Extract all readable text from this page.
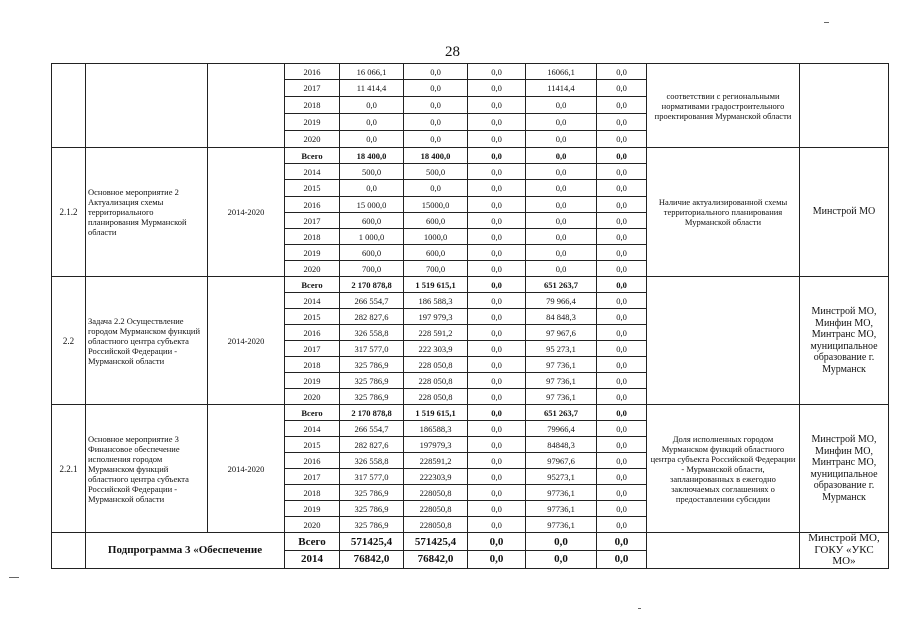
28
			2016	16 066,1	0,0	0,0	16066,1	0,0	соответствии с региональными нормативами градостроительного проектирования Мурманской области	
			2017	11 414,4	0,0	0,0	11414,4	0,0		
			2018	0,0	0,0	0,0	0,0	0,0		
			2019	0,0	0,0	0,0	0,0	0,0		
			2020	0,0	0,0	0,0	0,0	0,0		
2.1.2	Основное мероприятие 2 Актуализация схемы территориального планирования Мурманской области	2014-2020	Всего	18 400,0	18 400,0	0,0	0,0	0,0	Наличие актуализированной схемы территориального планирования Мурманской области	Минстрой МО
			2014	500,0	500,0	0,0	0,0	0,0		
			2015	0,0	0,0	0,0	0,0	0,0		
			2016	15 000,0	15000,0	0,0	0,0	0,0		
			2017	600,0	600,0	0,0	0,0	0,0		
			2018	1 000,0	1000,0	0,0	0,0	0,0		
			2019	600,0	600,0	0,0	0,0	0,0		
			2020	700,0	700,0	0,0	0,0	0,0		
2.2	Задача 2.2 Осуществление городом Мурманском функций областного центра субъекта Российской Федерации - Мурманской области	2014-2020	Всего	2 170 878,8	1 519 615,1	0,0	651 263,7	0,0		Минстрой МО, Минфин МО, Минтранс МО, муниципальное образование г. Мурманск
			2014	266 554,7	186 588,3	0,0	79 966,4	0,0		
			2015	282 827,6	197 979,3	0,0	84 848,3	0,0		
			2016	326 558,8	228 591,2	0,0	97 967,6	0,0		
			2017	317 577,0	222 303,9	0,0	95 273,1	0,0		
			2018	325 786,9	228 050,8	0,0	97 736,1	0,0		
			2019	325 786,9	228 050,8	0,0	97 736,1	0,0		
			2020	325 786,9	228 050,8	0,0	97 736,1	0,0		
2.2.1	Основное мероприятие 3 Финансовое обеспечение исполнения городом Мурманском функций областного центра субъекта Российской Федерации - Мурманской области	2014-2020	Всего	2 170 878,8	1 519 615,1	0,0	651 263,7	0,0	Доля исполненных городом Мурманском функций областного центра субъекта Российской Федерации - Мурманской области, запланированных в ежегодно заключаемых соглашениях о предоставлении субсидии	Минстрой МО, Минфин МО, Минтранс МО, муниципальное образование г. Мурманск
			2014	266 554,7	186588,3	0,0	79966,4	0,0		
			2015	282 827,6	197979,3	0,0	84848,3	0,0		
			2016	326 558,8	228591,2	0,0	97967,6	0,0		
			2017	317 577,0	222303,9	0,0	95273,1	0,0		
			2018	325 786,9	228050,8	0,0	97736,1	0,0		
			2019	325 786,9	228050,8	0,0	97736,1	0,0		
			2020	325 786,9	228050,8	0,0	97736,1	0,0		
	Подпрограмма 3 «Обеспечение		Всего	571425,4	571425,4	0,0	0,0	0,0		Минстрой МО, ГОКУ «УКС МО»
			2014	76842,0	76842,0	0,0	0,0	0,0		
